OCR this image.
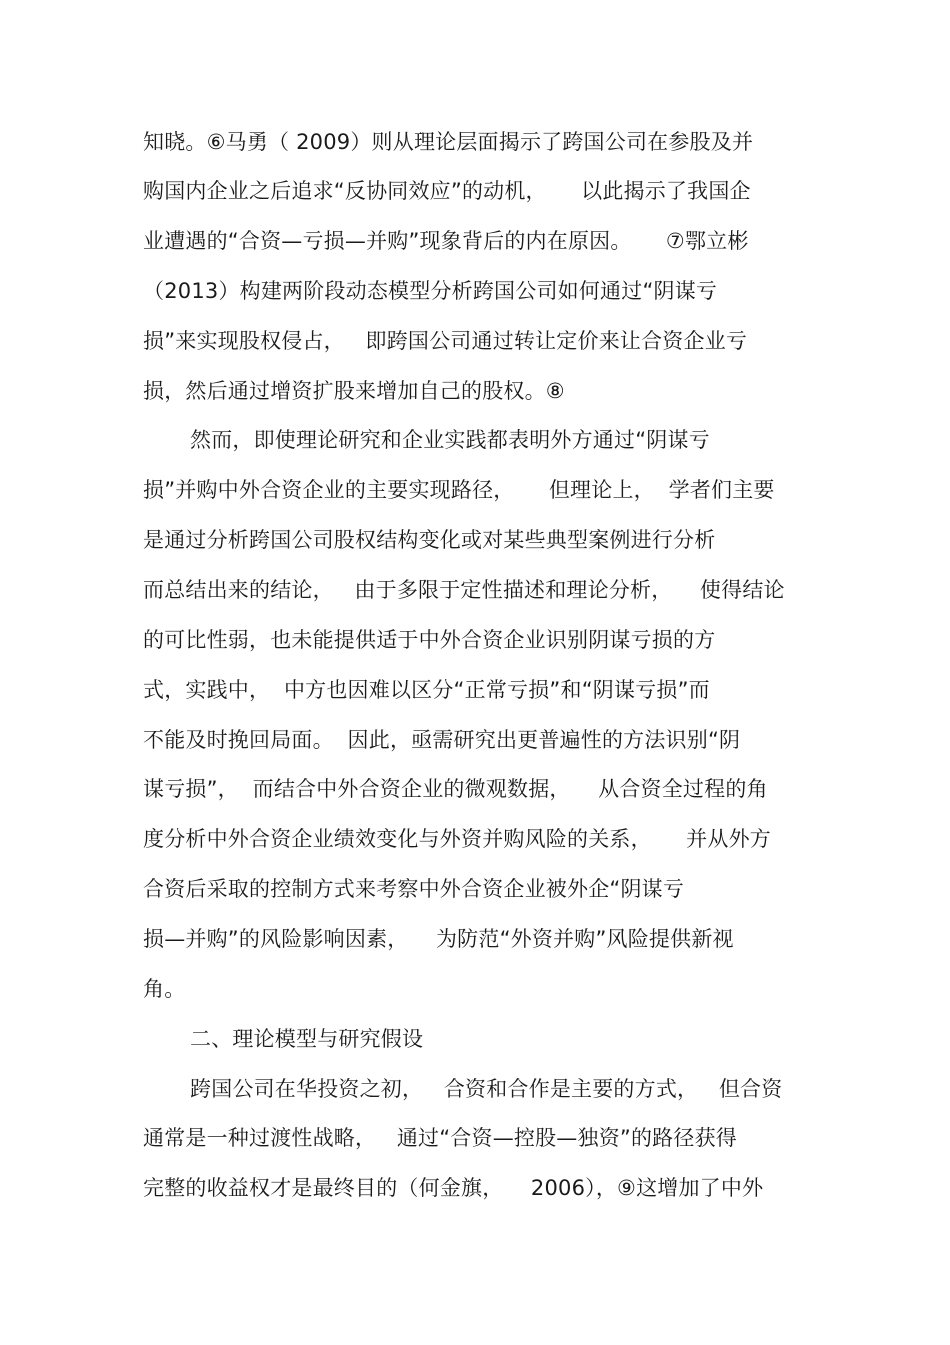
知晓。⑥马勇（ 2009）则从理论层面揭示了跨国公司在参股及并
购国内企业之后追求“反协同效应”的动机，     以此揭示了我国企
业遭遇的“合资—亏损—并购”现象背后的内在原因。     ⑦鄂立彬
（2013）构建两阶段动态模型分析跨国公司如何通过“阴谋亏
损”来实现股权侵占，   即跨国公司通过转让定价来让合资企业亏
损，然后通过增资扩股来增加自己的股权。⑧
然而，即使理论研究和企业实践都表明外方通过“阴谋亏
损”并购中外合资企业的主要实现路径，     但理论上，  学者们主要
是通过分析跨国公司股权结构变化或对某些典型案例进行分析
而总结出来的结论，   由于多限于定性描述和理论分析，    使得结论
的可比性弱，也未能提供适于中外合资企业识别阴谋亏损的方
式，实践中，  中方也因难以区分“正常亏损”和“阴谋亏损”而
不能及时挽回局面。  因此，亟需研究出更普遍性的方法识别“阴
谋亏损”，  而结合中外合资企业的微观数据，    从合资全过程的角
度分析中外合资企业绩效变化与外资并购风险的关系，     并从外方
合资后采取的控制方式来考察中外合资企业被外企“阴谋亏
损—并购”的风险影响因素，    为防范“外资并购”风险提供新视
角。
二、理论模型与研究假设
跨国公司在华投资之初，   合资和合作是主要的方式，   但合资
通常是一种过渡性战略，   通过“合资—控股—独资”的路径获得
完整的收益权才是最终目的（何金旗，    2006），⑨这增加了中外
